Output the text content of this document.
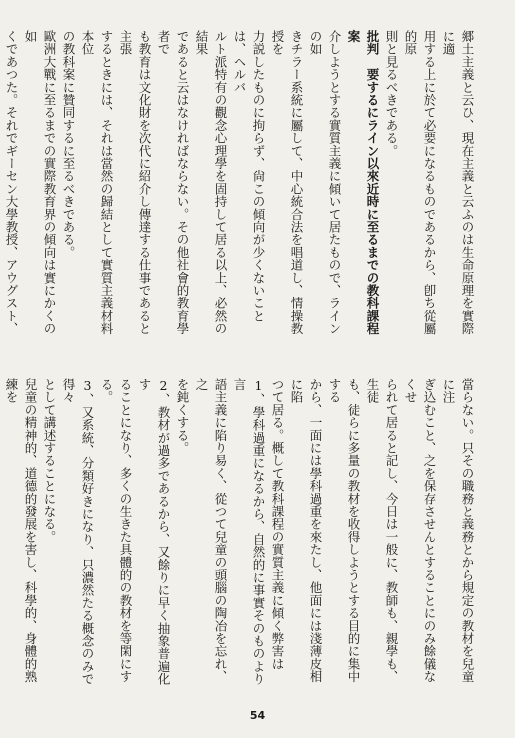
郷土主義と云ひ、現在主義と云ふのは生命原理を實際に適
用する上に於て必要になるものであるから、卽ち從屬的原
則と見るべきである。
批判　要するにライン以來近時に至るまでの教科課程案
介しようとする實質主義に傾いて居たもので、ラインの如
きチラー系統に屬して、中心統合法を唱道し、情操教授を
力説したものに拘らず、尙この傾向が少くないことは、ヘルバ
ルト派特有の觀念心理學を固持して居る以上、必然の結果
であると云はなければならない。その他社會的教育學者で
も教育は文化財を次代に紹介し傳達する仕事であると主張
するときには、それは當然の歸結として實質主義材料本位
の教科案に贊同するに至るべきである。
歐洲大戰に至るまでの實際教育界の傾向は實にかくの如
くであつた。それでギーセン大學教授、アウグスト、
當らない。只その職務と義務とから規定の教材を兒童に注
ぎ込むこと、之を保存させんとすることにのみ餘儀なくせ
られて居ると記し、今日は一般に、教師も、親學も、生徒
も、徒らに多量の教材を收得しようとする目的に集中する
から、一面には學科過重を來たし、他面には淺薄皮相に陷
つて居る。概して教科課程の實質主義に傾く弊害は
1、學科過重になるから、自然的に事實そのものより言
語主義に陷り易く、從つて兒童の頭腦の陶冶を忘れ、之
を鈍くする。
2、教材が過多であるから、又餘りに早く抽象普遍化す
ることになり、多くの生きた具體的の教材を等閑にする。
3、又系統、分類好きになり、只濃然たる概念のみで得々
として講述することになる。
兒童の精神的、道德的發展を害し、科學的、身體的熟練を
54
